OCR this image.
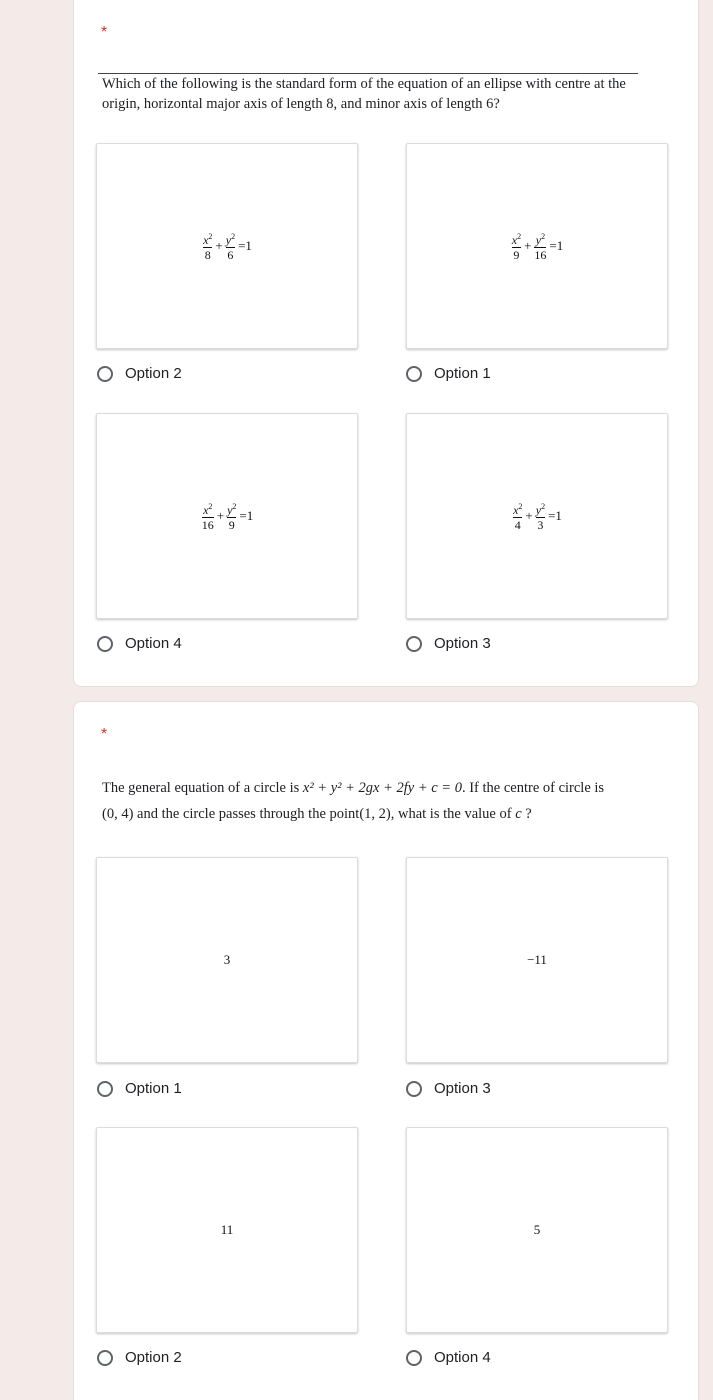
*
Which of the following is the standard form of the equation of an ellipse with centre at the origin, horizontal major axis of length 8, and minor axis of length 6?
$\frac{x^2}{8} + \frac{y^2}{6} =1$	$\frac{x^2}{9} + \frac{y^2}{16} =1$
Option 2	Option 1
$\frac{x^2}{16} + \frac{y^2}{9} =1$	$\frac{x^2}{4} + \frac{y^2}{3} =1$
Option 4	Option 3
*
The general equation of a circle is x² + y² + 2gx + 2fy + c = 0. If the centre of circle is
(0, 4) and the circle passes through the point(1, 2), what is the value of c ?
3	−11
Option 1	Option 3
11	5
Option 2	Option 4
